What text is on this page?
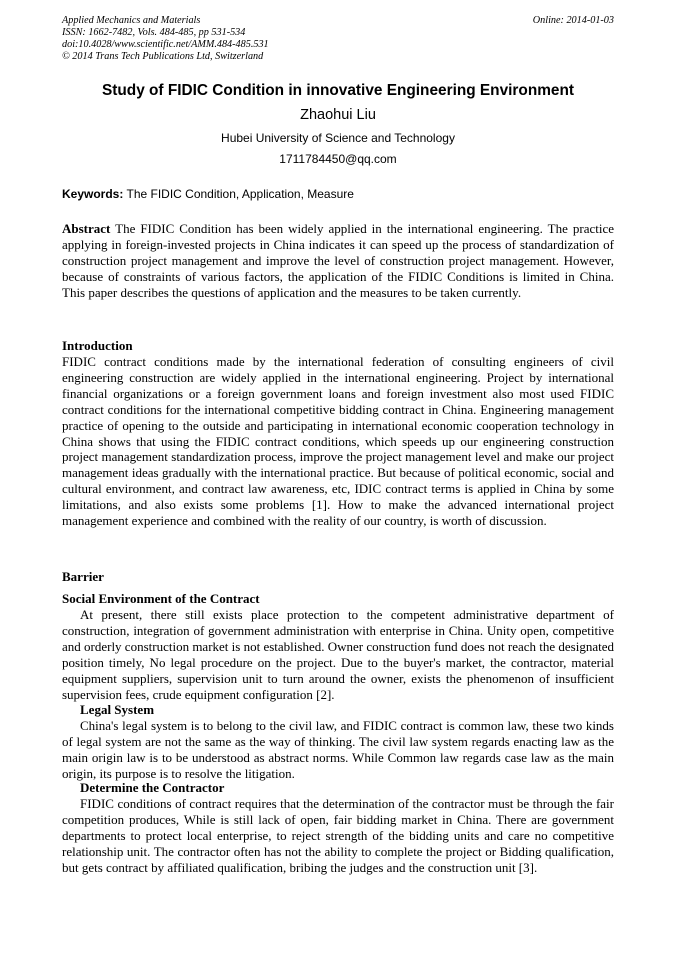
Applied Mechanics and Materials
ISSN: 1662-7482, Vols. 484-485, pp 531-534
doi:10.4028/www.scientific.net/AMM.484-485.531
© 2014 Trans Tech Publications Ltd, Switzerland
Online: 2014-01-03
Study of FIDIC Condition in innovative Engineering Environment
Zhaohui Liu
Hubei University of Science and Technology
1711784450@qq.com
Keywords: The FIDIC Condition, Application, Measure
Abstract The FIDIC Condition has been widely applied in the international engineering. The practice applying in foreign-invested projects in China indicates it can speed up the process of standardization of construction project management and improve the level of construction project management. However, because of constraints of various factors, the application of the FIDIC Conditions is limited in China. This paper describes the questions of application and the measures to be taken currently.
Introduction
FIDIC contract conditions made by the international federation of consulting engineers of civil engineering construction are widely applied in the international engineering. Project by international financial organizations or a foreign government loans and foreign investment also most used FIDIC contract conditions for the international competitive bidding contract in China. Engineering management practice of opening to the outside and participating in international economic cooperation technology in China shows that using the FIDIC contract conditions, which speeds up our engineering construction project management standardization process, improve the project management level and make our project management ideas gradually with the international practice. But because of political economic, social and cultural environment, and contract law awareness, etc, IDIC contract terms is applied in China by some limitations, and also exists some problems [1]. How to make the advanced international project management experience and combined with the reality of our country, is worth of discussion.
Barrier
Social Environment of the Contract
At present, there still exists place protection to the competent administrative department of construction, integration of government administration with enterprise in China. Unity open, competitive and orderly construction market is not established. Owner construction fund does not reach the designated position timely, No legal procedure on the project. Due to the buyer's market, the contractor, material equipment suppliers, supervision unit to turn around the owner, exists the phenomenon of insufficient supervision fees, crude equipment configuration [2].
Legal System
China's legal system is to belong to the civil law, and FIDIC contract is common law, these two kinds of legal system are not the same as the way of thinking. The civil law system regards enacting law as the main origin law is to be understood as abstract norms. While Common law regards case law as the main origin, its purpose is to resolve the litigation.
Determine the Contractor
FIDIC conditions of contract requires that the determination of the contractor must be through the fair competition produces, While is still lack of open, fair bidding market in China. There are government departments to protect local enterprise, to reject strength of the bidding units and care no competitive relationship unit. The contractor often has not the ability to complete the project or Bidding qualification, but gets contract by affiliated qualification, bribing the judges and the construction unit [3].
